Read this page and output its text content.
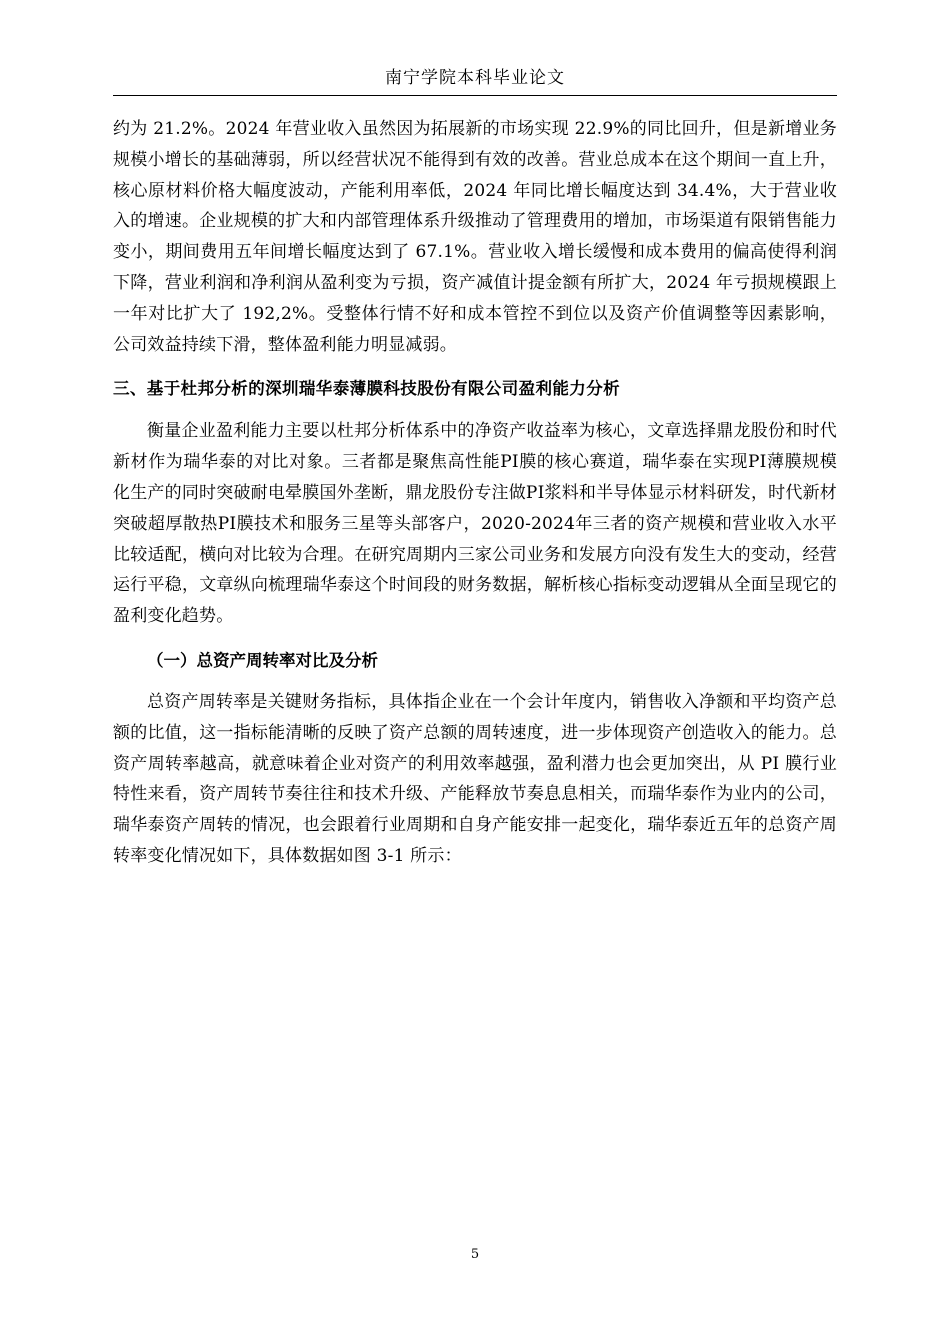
南宁学院本科毕业论文

约为 21.2%。2024 年营业收入虽然因为拓展新的市场实现 22.9%的同比回升，但是新增业务规模小增长的基础薄弱，所以经营状况不能得到有效的改善。营业总成本在这个期间一直上升，核心原材料价格大幅度波动，产能利用率低，2024 年同比增长幅度达到 34.4%，大于营业收入的增速。企业规模的扩大和内部管理体系升级推动了管理费用的增加，市场渠道有限销售能力变小，期间费用五年间增长幅度达到了 67.1%。营业收入增长缓慢和成本费用的偏高使得利润下降，营业利润和净利润从盈利变为亏损，资产减值计提金额有所扩大，2024 年亏损规模跟上一年对比扩大了 192,2%。受整体行情不好和成本管控不到位以及资产价值调整等因素影响，公司效益持续下滑，整体盈利能力明显减弱。

三、基于杜邦分析的深圳瑞华泰薄膜科技股份有限公司盈利能力分析

衡量企业盈利能力主要以杜邦分析体系中的净资产收益率为核心，文章选择鼎龙股份和时代新材作为瑞华泰的对比对象。三者都是聚焦高性能PI膜的核心赛道，瑞华泰在实现PI薄膜规模化生产的同时突破耐电晕膜国外垄断，鼎龙股份专注做PI浆料和半导体显示材料研发，时代新材突破超厚散热PI膜技术和服务三星等头部客户，2020-2024年三者的资产规模和营业收入水平比较适配，横向对比较为合理。在研究周期内三家公司业务和发展方向没有发生大的变动，经营运行平稳，文章纵向梳理瑞华泰这个时间段的财务数据，解析核心指标变动逻辑从全面呈现它的盈利变化趋势。

（一）总资产周转率对比及分析

总资产周转率是关键财务指标，具体指企业在一个会计年度内，销售收入净额和平均资产总额的比值，这一指标能清晰的反映了资产总额的周转速度，进一步体现资产创造收入的能力。总资产周转率越高，就意味着企业对资产的利用效率越强，盈利潜力也会更加突出，从 PI 膜行业特性来看，资产周转节奏往往和技术升级、产能释放节奏息息相关，而瑞华泰作为业内的公司，瑞华泰资产周转的情况，也会跟着行业周期和自身产能安排一起变化，瑞华泰近五年的总资产周转率变化情况如下，具体数据如图 3-1 所示：

5
